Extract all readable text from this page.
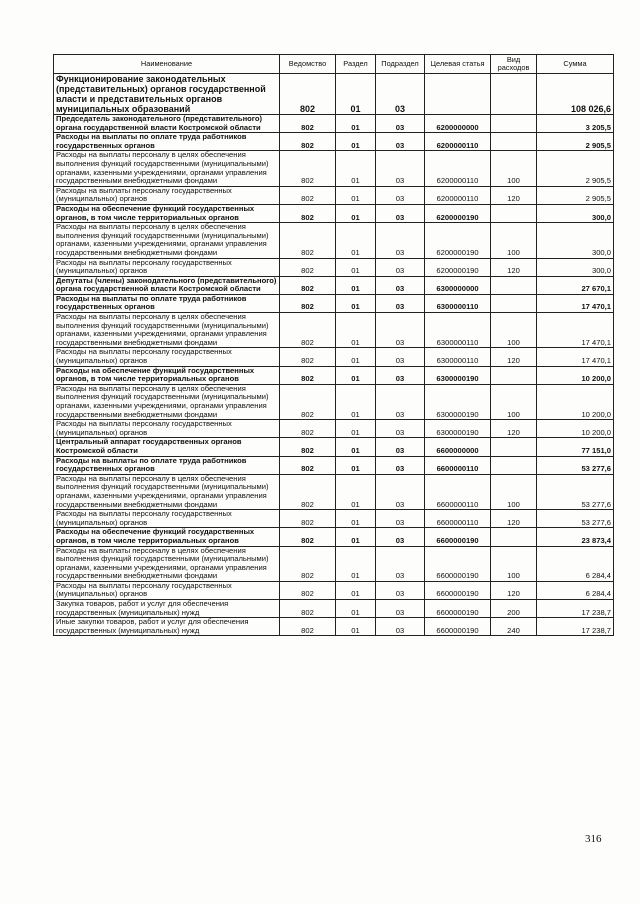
Наименование	Ведомство	Раздел	Подраздел	Целевая статья	Вид расходов	Сумма
Функционирование законодательных (представительных) органов государственной власти и представительных органов муниципальных образований	802	01	03			108 026,6
Председатель законодательного (представительного) органа государственной власти Костромской области	802	01	03	6200000000		3 205,5
Расходы на выплаты по оплате труда работников государственных органов	802	01	03	6200000110		2 905,5
Расходы на выплаты персоналу в целях обеспечения выполнения функций государственными (муниципальными) органами, казенными учреждениями, органами управления государственными внебюджетными фондами	802	01	03	6200000110	100	2 905,5
Расходы на выплаты персоналу государственных (муниципальных) органов	802	01	03	6200000110	120	2 905,5
Расходы на обеспечение функций государственных органов, в том числе территориальных органов	802	01	03	6200000190		300,0
Расходы на выплаты персоналу в целях обеспечения выполнения функций государственными (муниципальными) органами, казенными учреждениями, органами управления государственными внебюджетными фондами	802	01	03	6200000190	100	300,0
Расходы на выплаты персоналу государственных (муниципальных) органов	802	01	03	6200000190	120	300,0
Депутаты (члены) законодательного (представительного) органа государственной власти Костромской области	802	01	03	6300000000		27 670,1
Расходы на выплаты по оплате труда работников государственных органов	802	01	03	6300000110		17 470,1
Расходы на выплаты персоналу в целях обеспечения выполнения функций государственными (муниципальными) органами, казенными учреждениями, органами управления государственными внебюджетными фондами	802	01	03	6300000110	100	17 470,1
Расходы на выплаты персоналу государственных (муниципальных) органов	802	01	03	6300000110	120	17 470,1
Расходы на обеспечение функций государственных органов, в том числе территориальных органов	802	01	03	6300000190		10 200,0
Расходы на выплаты персоналу в целях обеспечения выполнения функций государственными (муниципальными) органами, казенными учреждениями, органами управления государственными внебюджетными фондами	802	01	03	6300000190	100	10 200,0
Расходы на выплаты персоналу государственных (муниципальных) органов	802	01	03	6300000190	120	10 200,0
Центральный аппарат государственных органов Костромской области	802	01	03	6600000000		77 151,0
Расходы на выплаты по оплате труда работников государственных органов	802	01	03	6600000110		53 277,6
Расходы на выплаты персоналу в целях обеспечения выполнения функций государственными (муниципальными) органами, казенными учреждениями, органами управления государственными внебюджетными фондами	802	01	03	6600000110	100	53 277,6
Расходы на выплаты персоналу государственных (муниципальных) органов	802	01	03	6600000110	120	53 277,6
Расходы на обеспечение функций государственных органов, в том числе территориальных органов	802	01	03	6600000190		23 873,4
Расходы на выплаты персоналу в целях обеспечения выполнения функций государственными (муниципальными) органами, казенными учреждениями, органами управления государственными внебюджетными фондами	802	01	03	6600000190	100	6 284,4
Расходы на выплаты персоналу государственных (муниципальных) органов	802	01	03	6600000190	120	6 284,4
Закупка товаров, работ и услуг для обеспечения государственных (муниципальных) нужд	802	01	03	6600000190	200	17 238,7
Иные закупки товаров, работ и услуг для обеспечения государственных (муниципальных) нужд	802	01	03	6600000190	240	17 238,7
316
